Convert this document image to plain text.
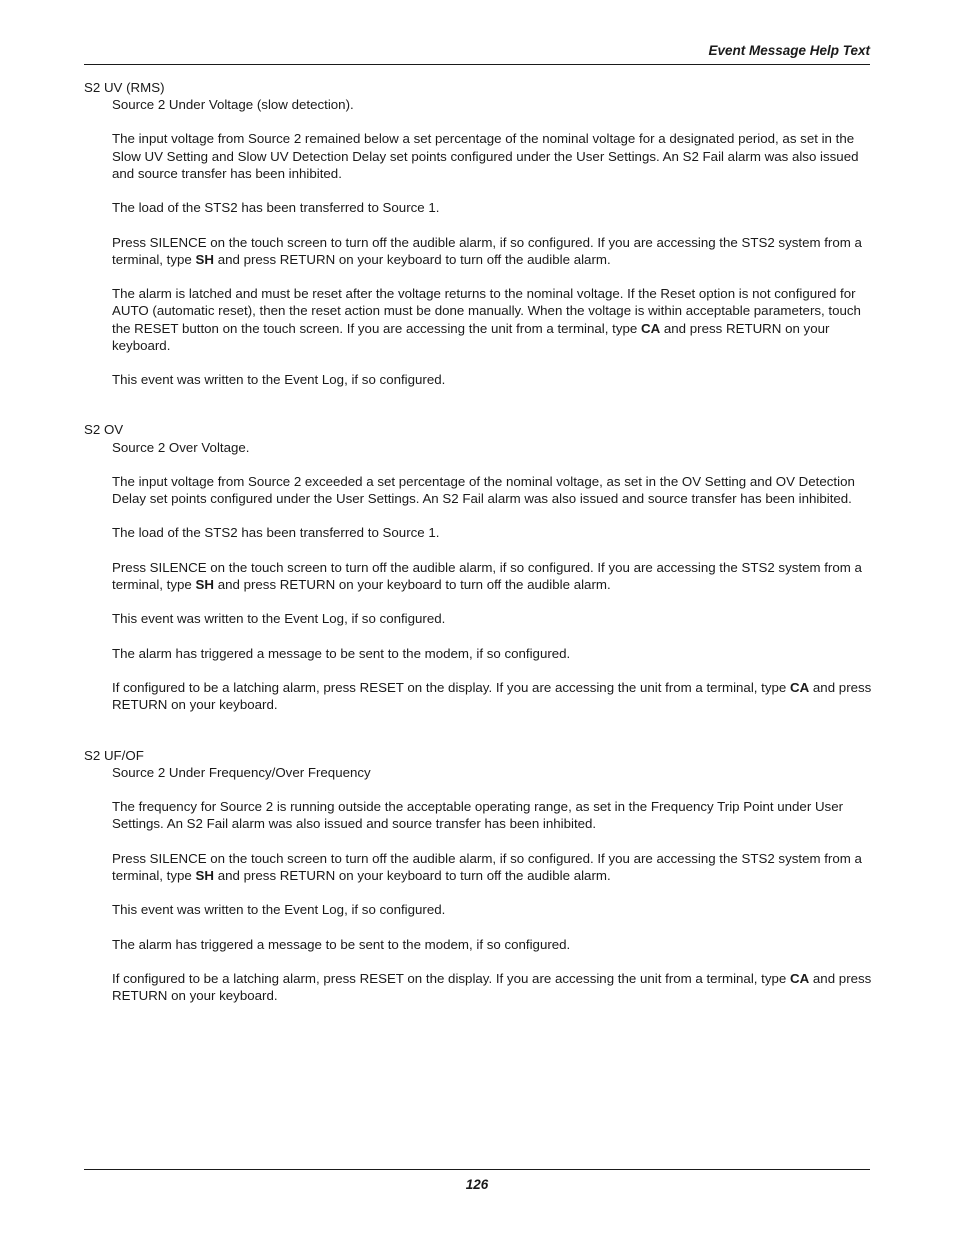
Event Message Help Text

S2 UV (RMS)

Source 2 Under Voltage (slow detection).

The input voltage from Source 2 remained below a set percentage of the nominal voltage for a designated period, as set in the Slow UV Setting and Slow UV Detection Delay set points configured under the User Settings. An S2 Fail alarm was also issued and source transfer has been inhibited.

The load of the STS2 has been transferred to Source 1.

Press SILENCE on the touch screen to turn off the audible alarm, if so configured. If you are accessing the STS2 system from a terminal, type SH and press RETURN on your keyboard to turn off the audible alarm.

The alarm is latched and must be reset after the voltage returns to the nominal voltage. If the Reset option is not configured for AUTO (automatic reset), then the reset action must be done manually. When the voltage is within acceptable parameters, touch the RESET button on the touch screen. If you are accessing the unit from a terminal, type CA and press RETURN on your keyboard.

This event was written to the Event Log, if so configured.

S2 OV

Source 2 Over Voltage.

The input voltage from Source 2 exceeded a set percentage of the nominal voltage, as set in the OV Setting and OV Detection Delay set points configured under the User Settings. An S2 Fail alarm was also issued and source transfer has been inhibited.

The load of the STS2 has been transferred to Source 1.

Press SILENCE on the touch screen to turn off the audible alarm, if so configured. If you are accessing the STS2 system from a terminal, type SH and press RETURN on your keyboard to turn off the audible alarm.

This event was written to the Event Log, if so configured.

The alarm has triggered a message to be sent to the modem, if so configured.

If configured to be a latching alarm, press RESET on the display. If you are accessing the unit from a terminal, type CA and press RETURN on your keyboard.

S2 UF/OF

Source 2 Under Frequency/Over Frequency

The frequency for Source 2 is running outside the acceptable operating range, as set in the Frequency Trip Point under User Settings. An S2 Fail alarm was also issued and source transfer has been inhibited.

Press SILENCE on the touch screen to turn off the audible alarm, if so configured. If you are accessing the STS2 system from a terminal, type SH and press RETURN on your keyboard to turn off the audible alarm.

This event was written to the Event Log, if so configured.

The alarm has triggered a message to be sent to the modem, if so configured.

If configured to be a latching alarm, press RESET on the display. If you are accessing the unit from a terminal, type CA and press RETURN on your keyboard.

126
